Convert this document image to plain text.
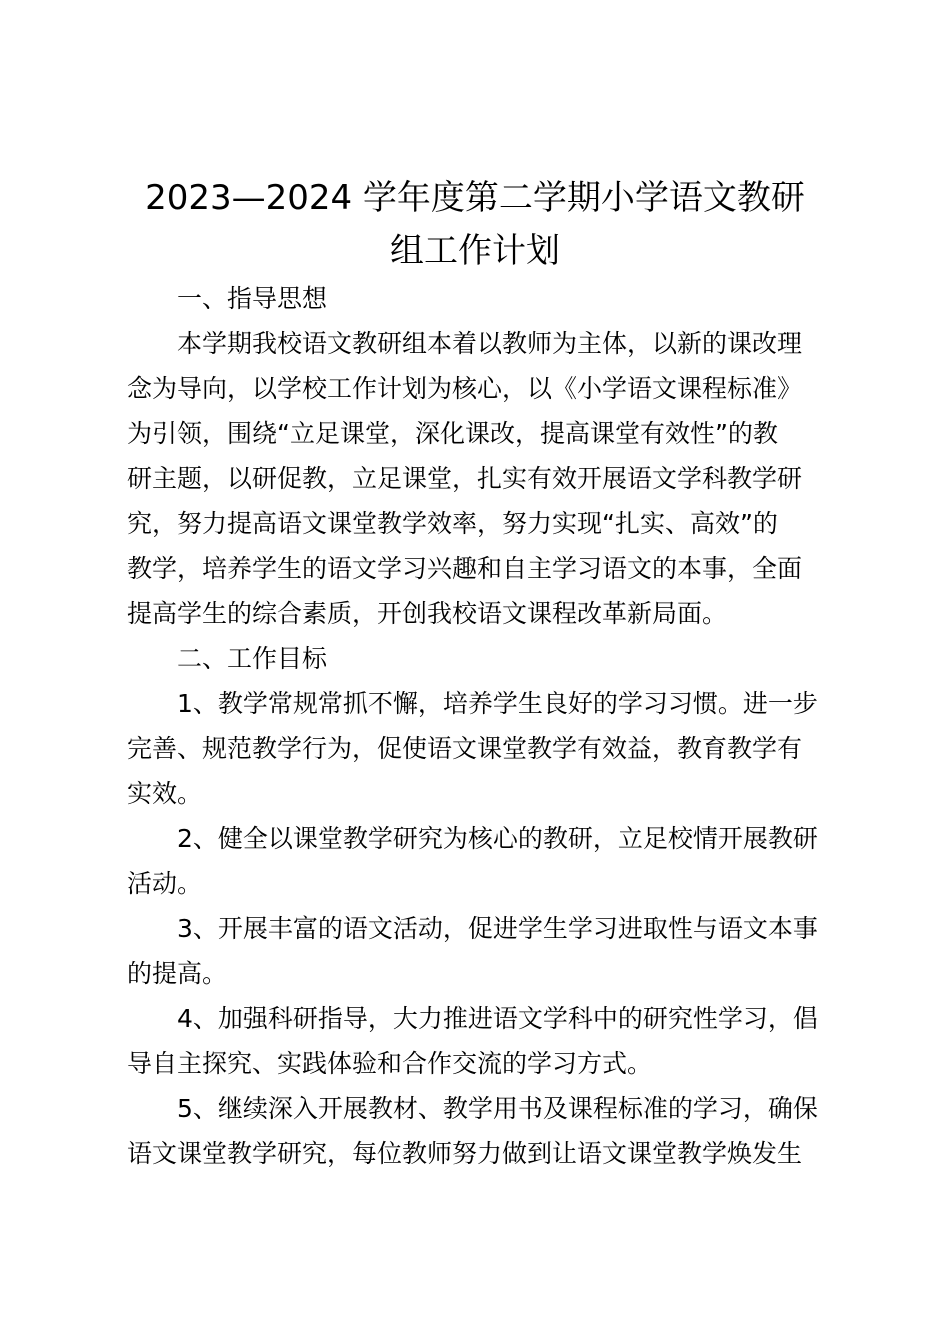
2023—2024 学年度第二学期小学语文教研
组工作计划
一、指导思想
本学期我校语文教研组本着以教师为主体，以新的课改理
念为导向，以学校工作计划为核心，以《小学语文课程标准》
为引领，围绕“立足课堂，深化课改，提高课堂有效性”的教
研主题，以研促教，立足课堂，扎实有效开展语文学科教学研
究，努力提高语文课堂教学效率，努力实现“扎实、高效”的
教学，培养学生的语文学习兴趣和自主学习语文的本事，全面
提高学生的综合素质，开创我校语文课程改革新局面。
二、工作目标
1、教学常规常抓不懈，培养学生良好的学习习惯。进一步
完善、规范教学行为，促使语文课堂教学有效益，教育教学有
实效。
2、健全以课堂教学研究为核心的教研，立足校情开展教研
活动。
3、开展丰富的语文活动，促进学生学习进取性与语文本事
的提高。
4、加强科研指导，大力推进语文学科中的研究性学习，倡
导自主探究、实践体验和合作交流的学习方式。
5、继续深入开展教材、教学用书及课程标准的学习，确保
语文课堂教学研究，每位教师努力做到让语文课堂教学焕发生
